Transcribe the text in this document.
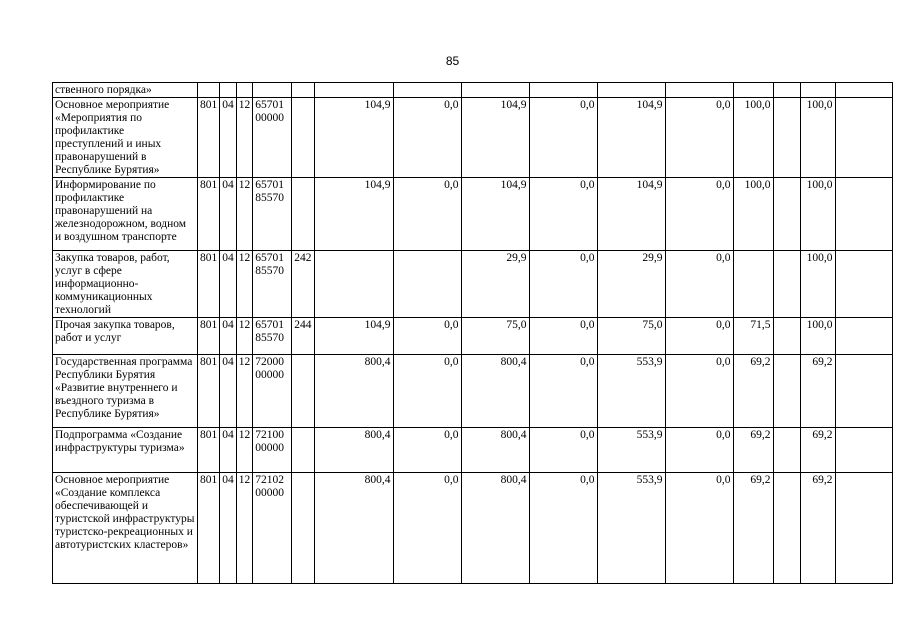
85
ственного порядка»															
Основное мероприятие «Мероприятия по профилактике преступлений и иных правонарушений в Республике Бурятия»	801	04	12	65701 00000		104,9	0,0	104,9	0,0	104,9	0,0	100,0		100,0	
Информирование по профилактике правонарушений на железнодорожном, водном и воздушном транспорте	801	04	12	65701 85570		104,9	0,0	104,9	0,0	104,9	0,0	100,0		100,0	
Закупка товаров, работ, услуг в сфере информационно-коммуникационных технологий	801	04	12	65701 85570	242			29,9	0,0	29,9	0,0			100,0	
Прочая закупка товаров, работ и услуг	801	04	12	65701 85570	244	104,9	0,0	75,0	0,0	75,0	0,0	71,5		100,0	
Государственная программа Республики Бурятия «Развитие внутреннего и въездного туризма в Республике Бурятия»	801	04	12	72000 00000		800,4	0,0	800,4	0,0	553,9	0,0	69,2		69,2	
Подпрограмма «Создание инфраструктуры туризма»	801	04	12	72100 00000		800,4	0,0	800,4	0,0	553,9	0,0	69,2		69,2	
Основное мероприятие «Создание комплекса обеспечивающей и туристской инфраструктуры туристско-рекреационных и автотуристских кластеров»	801	04	12	72102 00000		800,4	0,0	800,4	0,0	553,9	0,0	69,2		69,2	
